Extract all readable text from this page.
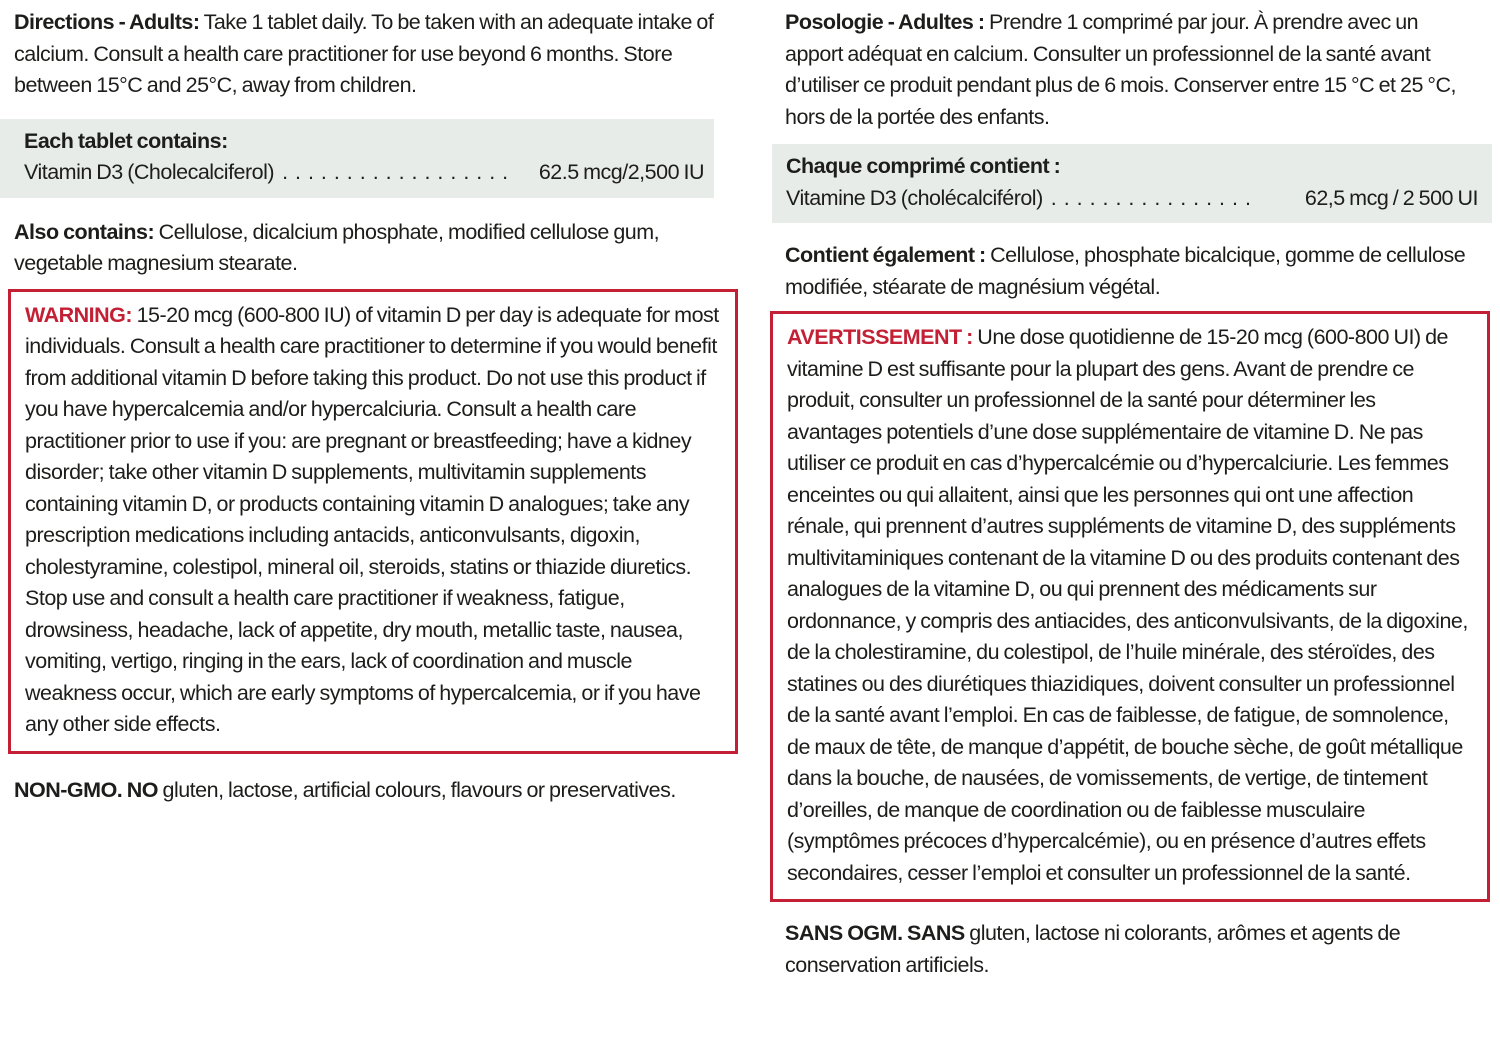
Directions - Adults: Take 1 tablet daily. To be taken with an adequate intake of calcium. Consult a health care practitioner for use beyond 6 months. Store between 15°C and 25°C, away from children.

Each tablet contains:
Vitamin D3 (Cholecalciferol) . . . . . . . . . . . . . . . . . .	62.5 mcg/2,500 IU

Also contains: Cellulose, dicalcium phosphate, modified cellulose gum, vegetable magnesium stearate.

WARNING: 15-20 mcg (600-800 IU) of vitamin D per day is adequate for most individuals. Consult a health care practitioner to determine if you would benefit from additional vitamin D before taking this product. Do not use this product if you have hypercalcemia and/or hypercalciuria. Consult a health care practitioner prior to use if you: are pregnant or breastfeeding; have a kidney disorder; take other vitamin D supplements, multivitamin supplements containing vitamin D, or products containing vitamin D analogues; take any prescription medications including antacids, anticonvulsants, digoxin, cholestyramine, colestipol, mineral oil, steroids, statins or thiazide diuretics. Stop use and consult a health care practitioner if weakness, fatigue, drowsiness, headache, lack of appetite, dry mouth, metallic taste, nausea, vomiting, vertigo, ringing in the ears, lack of coordination and muscle weakness occur, which are early symptoms of hypercalcemia, or if you have any other side effects.

NON-GMO. NO gluten, lactose, artificial colours, flavours or preservatives.

Posologie - Adultes : Prendre 1 comprimé par jour. À prendre avec un apport adéquat en calcium. Consulter un professionnel de la santé avant d’utiliser ce produit pendant plus de 6 mois. Conserver entre 15 °C et 25 °C, hors de la portée des enfants.

Chaque comprimé contient :
Vitamine D3 (cholécalciférol) . . . . . . . . . . . . . . . .	62,5 mcg / 2 500 UI

Contient également : Cellulose, phosphate bicalcique, gomme de cellulose modifiée, stéarate de magnésium végétal.

AVERTISSEMENT : Une dose quotidienne de 15-20 mcg (600-800 UI) de vitamine D est suffisante pour la plupart des gens. Avant de prendre ce produit, consulter un professionnel de la santé pour déterminer les avantages potentiels d’une dose supplémentaire de vitamine D. Ne pas utiliser ce produit en cas d’hypercalcémie ou d’hypercalciurie. Les femmes enceintes ou qui allaitent, ainsi que les personnes qui ont une affection rénale, qui prennent d’autres suppléments de vitamine D, des suppléments multivitaminiques contenant de la vitamine D ou des produits contenant des analogues de la vitamine D, ou qui prennent des médicaments sur ordonnance, y compris des antiacides, des anticonvulsivants, de la digoxine, de la cholestiramine, du colestipol, de l’huile minérale, des stéroïdes, des statines ou des diurétiques thiazidiques, doivent consulter un professionnel de la santé avant l’emploi. En cas de faiblesse, de fatigue, de somnolence, de maux de tête, de manque d’appétit, de bouche sèche, de goût métallique dans la bouche, de nausées, de vomissements, de vertige, de tintement d’oreilles, de manque de coordination ou de faiblesse musculaire (symptômes précoces d’hypercalcémie), ou en présence d’autres effets secondaires, cesser l’emploi et consulter un professionnel de la santé.

SANS OGM. SANS gluten, lactose ni colorants, arômes et agents de conservation artificiels.
